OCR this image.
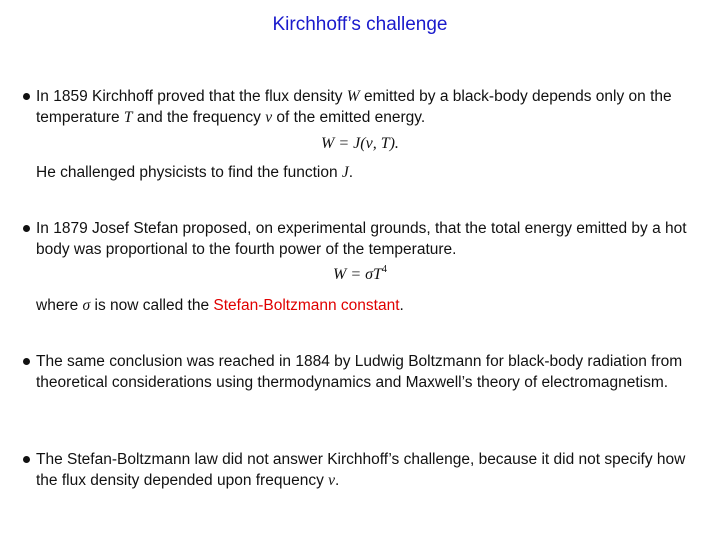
Kirchhoff’s challenge
In 1859 Kirchhoff proved that the flux density W emitted by a black-body depends only on the temperature T and the frequency ν of the emitted energy.
W = J(ν, T).
He challenged physicists to find the function J.
In 1879 Josef Stefan proposed, on experimental grounds, that the total energy emitted by a hot body was proportional to the fourth power of the temperature.
$W = \sigma T^4$
where σ is now called the Stefan-Boltzmann constant.
The same conclusion was reached in 1884 by Ludwig Boltzmann for black-body radiation from theoretical considerations using thermodynamics and Maxwell’s theory of electromagnetism.
The Stefan-Boltzmann law did not answer Kirchhoff’s challenge, because it did not specify how the flux density depended upon frequency ν.
